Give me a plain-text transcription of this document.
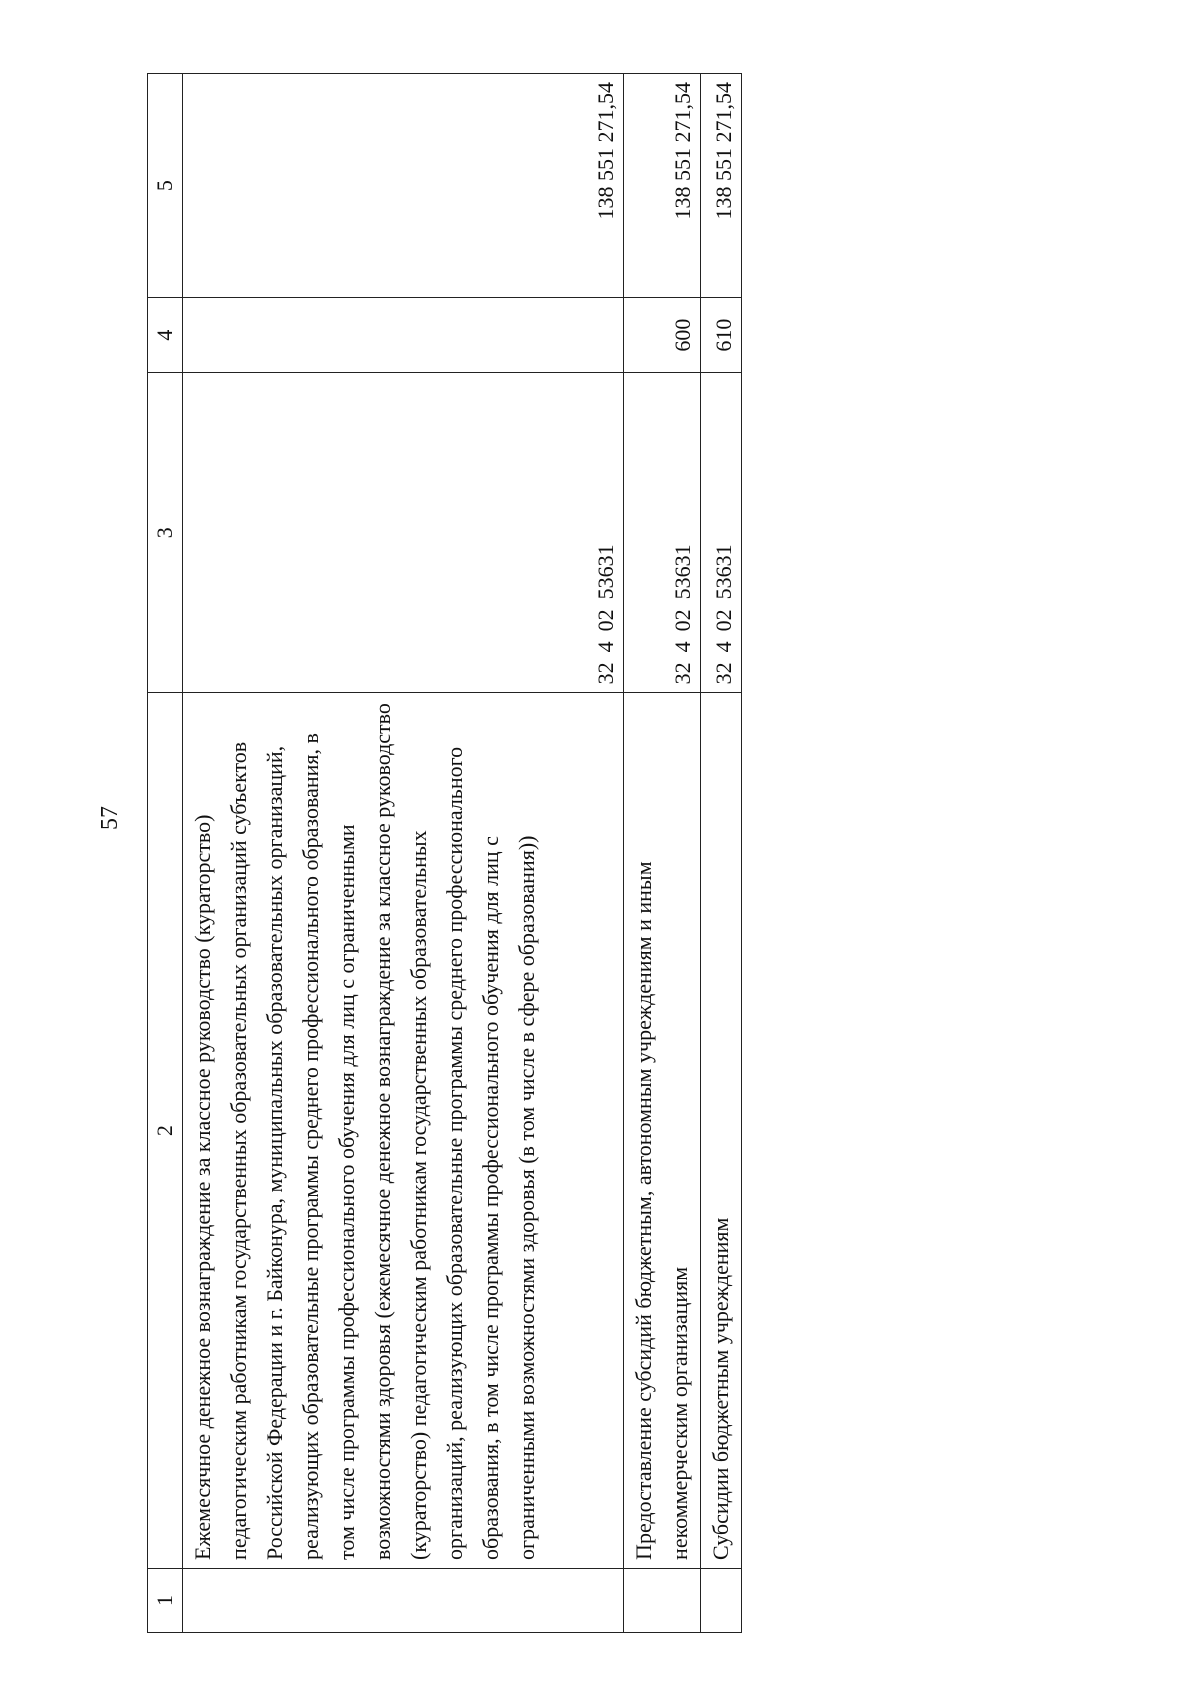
57
1	2	3	4	5
	Ежемесячное денежное вознаграждение за классное руководство (кураторство) педагогическим работникам государственных образовательных организаций субъектов Российской Федерации и г. Байконура, муниципальных образовательных организаций, реализующих образовательные программы среднего профессионального образования, в том числе программы профессионального обучения для лиц с ограниченными возможностями здоровья (ежемесячное денежное вознаграждение за классное руководство (кураторство) педагогическим работникам государственных образовательных организаций, реализующих образовательные программы среднего профессионального образования, в том числе программы профессионального обучения для лиц с ограниченными возможностями здоровья (в том числе в сфере образования))	3240253631		138 551 271,54
	Предоставление субсидий бюджетным, автономным учреждениям и иным некоммерческим организациям	3240253631	600	138 551 271,54
	Субсидии бюджетным учреждениям	3240253631	610	138 551 271,54
